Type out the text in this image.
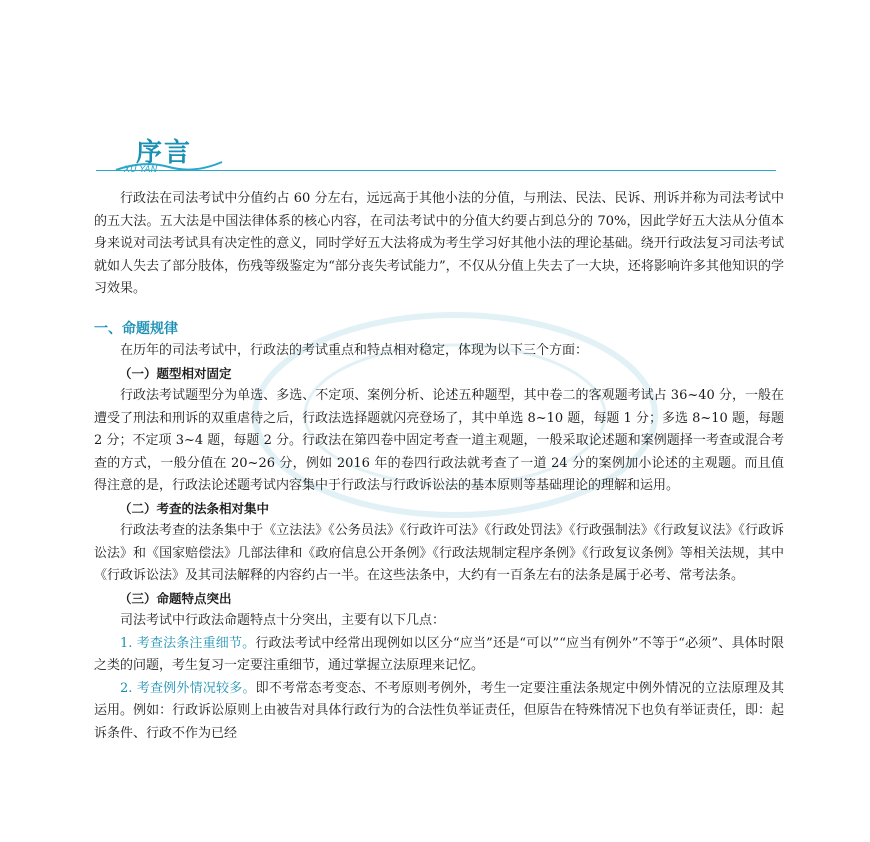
序言
XU YAN

行政法在司法考试中分值约占 60 分左右，远远高于其他小法的分值，与刑法、民法、民诉、刑诉并称为司法考试中的五大法。五大法是中国法律体系的核心内容，在司法考试中的分值大约要占到总分的 70%，因此学好五大法从分值本身来说对司法考试具有决定性的意义，同时学好五大法将成为考生学习好其他小法的理论基础。绕开行政法复习司法考试就如人失去了部分肢体，伤残等级鉴定为“部分丧失考试能力”，不仅从分值上失去了一大块，还将影响许多其他知识的学习效果。

一、命题规律

在历年的司法考试中，行政法的考试重点和特点相对稳定，体现为以下三个方面：

（一）题型相对固定

行政法考试题型分为单选、多选、不定项、案例分析、论述五种题型，其中卷二的客观题考试占 36~40 分，一般在遭受了刑法和刑诉的双重虐待之后，行政法选择题就闪亮登场了，其中单选 8~10 题，每题 1 分；多选 8~10 题，每题 2 分；不定项 3~4 题，每题 2 分。行政法在第四卷中固定考查一道主观题，一般采取论述题和案例题择一考查或混合考查的方式，一般分值在 20~26 分，例如 2016 年的卷四行政法就考查了一道 24 分的案例加小论述的主观题。而且值得注意的是，行政法论述题考试内容集中于行政法与行政诉讼法的基本原则等基础理论的理解和运用。

（二）考查的法条相对集中

行政法考查的法条集中于《立法法》《公务员法》《行政许可法》《行政处罚法》《行政强制法》《行政复议法》《行政诉讼法》和《国家赔偿法》几部法律和《政府信息公开条例》《行政法规制定程序条例》《行政复议条例》等相关法规，其中《行政诉讼法》及其司法解释的内容约占一半。在这些法条中，大约有一百条左右的法条是属于必考、常考法条。

（三）命题特点突出

司法考试中行政法命题特点十分突出，主要有以下几点：

1. 考查法条注重细节。行政法考试中经常出现例如以区分“应当”还是“可以”“应当有例外”不等于“必须”、具体时限之类的问题，考生复习一定要注重细节，通过掌握立法原理来记忆。

2. 考查例外情况较多。即不考常态考变态、不考原则考例外，考生一定要注重法条规定中例外情况的立法原理及其运用。例如：行政诉讼原则上由被告对具体行政行为的合法性负举证责任，但原告在特殊情况下也负有举证责任，即：起诉条件、行政不作为已经
